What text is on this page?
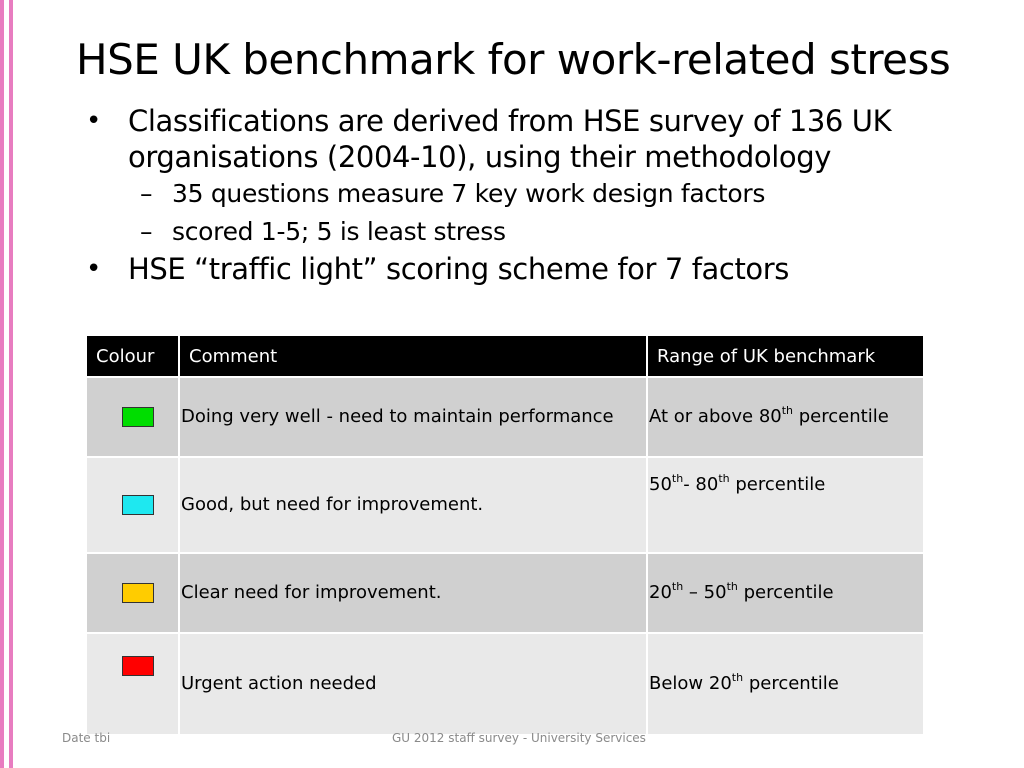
HSE UK benchmark for work-related stress
• Classifications are derived from HSE survey of 136 UK organisations (2004-10), using their methodology
– 35 questions measure 7 key work design factors
– scored 1-5; 5 is least stress
• HSE “traffic light” scoring scheme for 7 factors
Colour	Comment	Range of UK benchmark

	Doing very well - need to maintain performance	At or above 80th percentile

	Good, but need for improvement.	50th- 80th percentile

	Clear need for improvement.	20th – 50th percentile

	Urgent action needed	Below 20th percentile
Date tbi	GU 2012 staff survey - University Services
